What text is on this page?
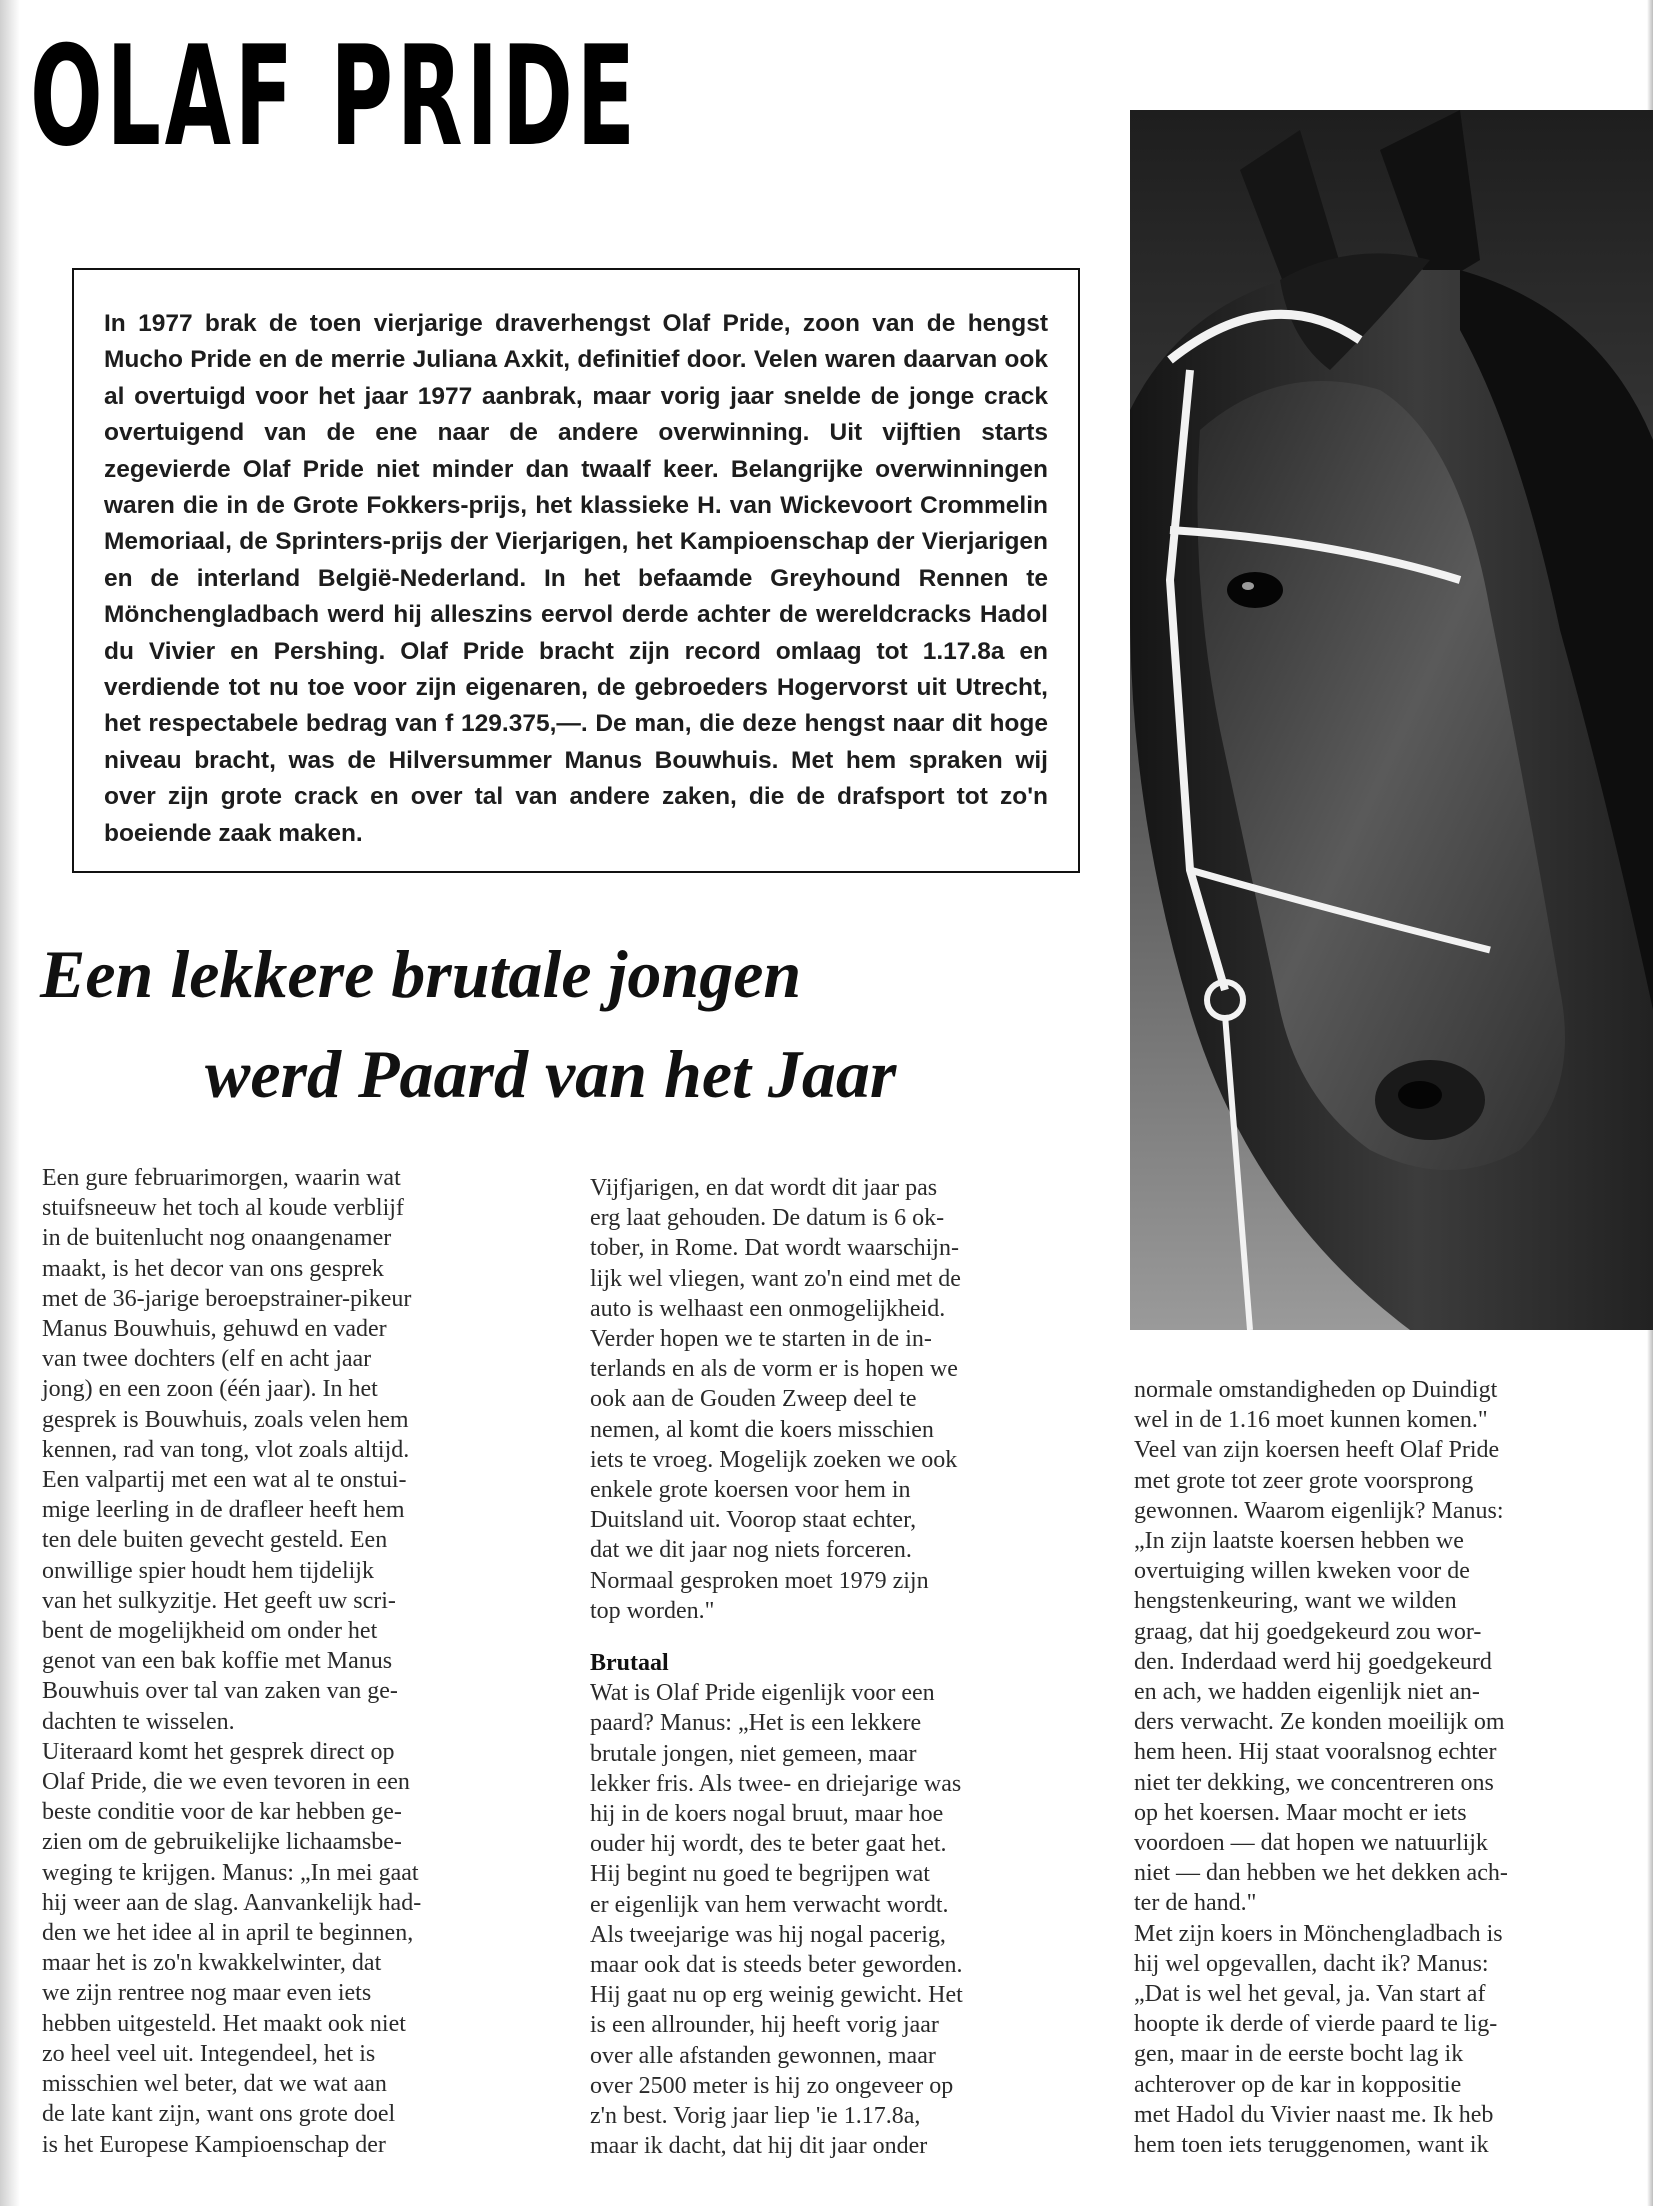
OLAF PRIDE

In 1977 brak de toen vierjarige draverhengst Olaf Pride, zoon van de hengst Mucho Pride en de merrie Juliana Axkit, definitief door. Velen waren daarvan ook al overtuigd voor het jaar 1977 aanbrak, maar vorig jaar snelde de jonge crack overtuigend van de ene naar de andere overwinning. Uit vijftien starts zegevierde Olaf Pride niet minder dan twaalf keer. Belangrijke overwinningen waren die in de Grote Fokkers-prijs, het klassieke H. van Wickevoort Crommelin Memoriaal, de Sprinters-prijs der Vierjarigen, het Kampioenschap der Vierjarigen en de interland België-Nederland. In het befaamde Greyhound Rennen te Mönchengladbach werd hij alleszins eervol derde achter de wereldcracks Hadol du Vivier en Pershing. Olaf Pride bracht zijn record omlaag tot 1.17.8a en verdiende tot nu toe voor zijn eigenaren, de gebroeders Hogervorst uit Utrecht, het respectabele bedrag van f 129.375,—. De man, die deze hengst naar dit hoge niveau bracht, was de Hilversummer Manus Bouwhuis. Met hem spraken wij over zijn grote crack en over tal van andere zaken, die de drafsport tot zo'n boeiende zaak maken.

Een lekkere brutale jongen
werd Paard van het Jaar
Een gure februarimorgen, waarin wat
stuifsneeuw het toch al koude verblijf
in de buitenlucht nog onaangenamer
maakt, is het decor van ons gesprek
met de 36-jarige beroepstrainer-pikeur
Manus Bouwhuis, gehuwd en vader
van twee dochters (elf en acht jaar
jong) en een zoon (één jaar). In het
gesprek is Bouwhuis, zoals velen hem
kennen, rad van tong, vlot zoals altijd.
Een valpartij met een wat al te onstui-
mige leerling in de drafleer heeft hem
ten dele buiten gevecht gesteld. Een
onwillige spier houdt hem tijdelijk
van het sulkyzitje. Het geeft uw scri-
bent de mogelijkheid om onder het
genot van een bak koffie met Manus
Bouwhuis over tal van zaken van ge-
dachten te wisselen.
Uiteraard komt het gesprek direct op
Olaf Pride, die we even tevoren in een
beste conditie voor de kar hebben ge-
zien om de gebruikelijke lichaamsbe-
weging te krijgen. Manus: „In mei gaat
hij weer aan de slag. Aanvankelijk had-
den we het idee al in april te beginnen,
maar het is zo'n kwakkelwinter, dat
we zijn rentree nog maar even iets
hebben uitgesteld. Het maakt ook niet
zo heel veel uit. Integendeel, het is
misschien wel beter, dat we wat aan
de late kant zijn, want ons grote doel
is het Europese Kampioenschap der
Vijfjarigen, en dat wordt dit jaar pas
erg laat gehouden. De datum is 6 ok-
tober, in Rome. Dat wordt waarschijn-
lijk wel vliegen, want zo'n eind met de
auto is welhaast een onmogelijkheid.
Verder hopen we te starten in de in-
terlands en als de vorm er is hopen we
ook aan de Gouden Zweep deel te
nemen, al komt die koers misschien
iets te vroeg. Mogelijk zoeken we ook
enkele grote koersen voor hem in
Duitsland uit. Voorop staat echter,
dat we dit jaar nog niets forceren.
Normaal gesproken moet 1979 zijn
top worden."
Brutaal
Wat is Olaf Pride eigenlijk voor een
paard? Manus: „Het is een lekkere
brutale jongen, niet gemeen, maar
lekker fris. Als twee- en driejarige was
hij in de koers nogal bruut, maar hoe
ouder hij wordt, des te beter gaat het.
Hij begint nu goed te begrijpen wat
er eigenlijk van hem verwacht wordt.
Als tweejarige was hij nogal pacerig,
maar ook dat is steeds beter geworden.
Hij gaat nu op erg weinig gewicht. Het
is een allrounder, hij heeft vorig jaar
over alle afstanden gewonnen, maar
over 2500 meter is hij zo ongeveer op
z'n best. Vorig jaar liep 'ie 1.17.8a,
maar ik dacht, dat hij dit jaar onder
normale omstandigheden op Duindigt
wel in de 1.16 moet kunnen komen."
Veel van zijn koersen heeft Olaf Pride
met grote tot zeer grote voorsprong
gewonnen. Waarom eigenlijk? Manus:
„In zijn laatste koersen hebben we
overtuiging willen kweken voor de
hengstenkeuring, want we wilden
graag, dat hij goedgekeurd zou wor-
den. Inderdaad werd hij goedgekeurd
en ach, we hadden eigenlijk niet an-
ders verwacht. Ze konden moeilijk om
hem heen. Hij staat vooralsnog echter
niet ter dekking, we concentreren ons
op het koersen. Maar mocht er iets
voordoen — dat hopen we natuurlijk
niet — dan hebben we het dekken ach-
ter de hand."
Met zijn koers in Mönchengladbach is
hij wel opgevallen, dacht ik? Manus:
„Dat is wel het geval, ja. Van start af
hoopte ik derde of vierde paard te lig-
gen, maar in de eerste bocht lag ik
achterover op de kar in koppositie
met Hadol du Vivier naast me. Ik heb
hem toen iets teruggenomen, want ik
